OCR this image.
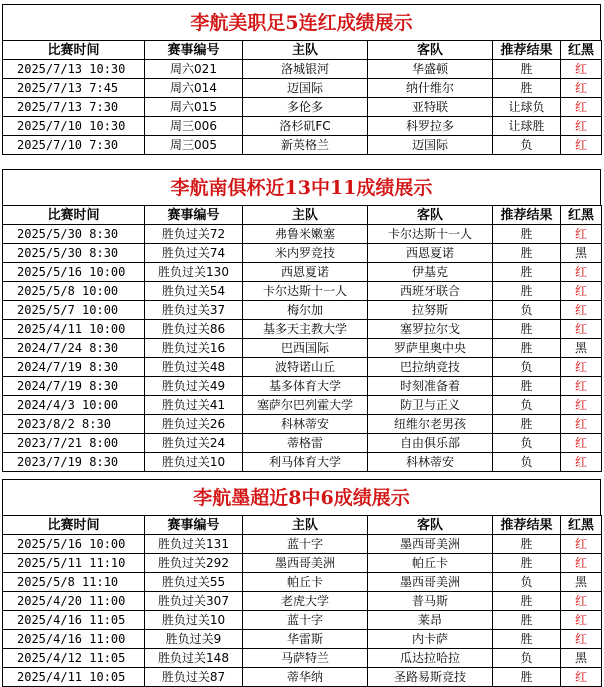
李航美职足5连红成绩展示
比赛时间	赛事编号	主队	客队	推荐结果	红黑
2025/7/13 10:30	周六021	洛城银河	华盛顿	胜	红
2025/7/13 7:45	周六014	迈国际	纳什维尔	胜	红
2025/7/13 7:30	周六015	多伦多	亚特联	让球负	红
2025/7/10 10:30	周三006	洛杉矶FC	科罗拉多	让球胜	红
2025/7/10 7:30	周三005	新英格兰	迈国际	负	红
李航南俱杯近13中11成绩展示
比赛时间	赛事编号	主队	客队	推荐结果	红黑
2025/5/30 8:30	胜负过关72	弗鲁米嫩塞	卡尔达斯十一人	胜	红
2025/5/30 8:30	胜负过关74	米内罗竞技	西恩夏诺	胜	黑
2025/5/16 10:00	胜负过关130	西恩夏诺	伊基克	胜	红
2025/5/8 10:00	胜负过关54	卡尔达斯十一人	西班牙联合	胜	红
2025/5/7 10:00	胜负过关37	梅尔加	拉努斯	负	红
2025/4/11 10:00	胜负过关86	基多天主教大学	塞罗拉尔戈	胜	红
2024/7/24 8:30	胜负过关16	巴西国际	罗萨里奥中央	胜	黑
2024/7/19 8:30	胜负过关48	波特诺山丘	巴拉纳竞技	负	红
2024/7/19 8:30	胜负过关49	基多体育大学	时刻准备着	胜	红
2024/4/3 10:00	胜负过关41	塞萨尔巴列霍大学	防卫与正义	负	红
2023/8/2 8:30	胜负过关26	科林蒂安	纽维尔老男孩	胜	红
2023/7/21 8:00	胜负过关24	蒂格雷	自由俱乐部	负	红
2023/7/19 8:30	胜负过关10	利马体育大学	科林蒂安	负	红
李航墨超近8中6成绩展示
比赛时间	赛事编号	主队	客队	推荐结果	红黑
2025/5/16 10:00	胜负过关131	蓝十字	墨西哥美洲	胜	红
2025/5/11 11:10	胜负过关292	墨西哥美洲	帕丘卡	胜	红
2025/5/8 11:10	胜负过关55	帕丘卡	墨西哥美洲	负	黑
2025/4/20 11:00	胜负过关307	老虎大学	普马斯	胜	红
2025/4/16 11:05	胜负过关10	蓝十字	莱昂	胜	红
2025/4/16 11:00	胜负过关9	华雷斯	内卡萨	胜	红
2025/4/12 11:05	胜负过关148	马萨特兰	瓜达拉哈拉	负	黑
2025/4/11 10:05	胜负过关87	蒂华纳	圣路易斯竞技	胜	红
